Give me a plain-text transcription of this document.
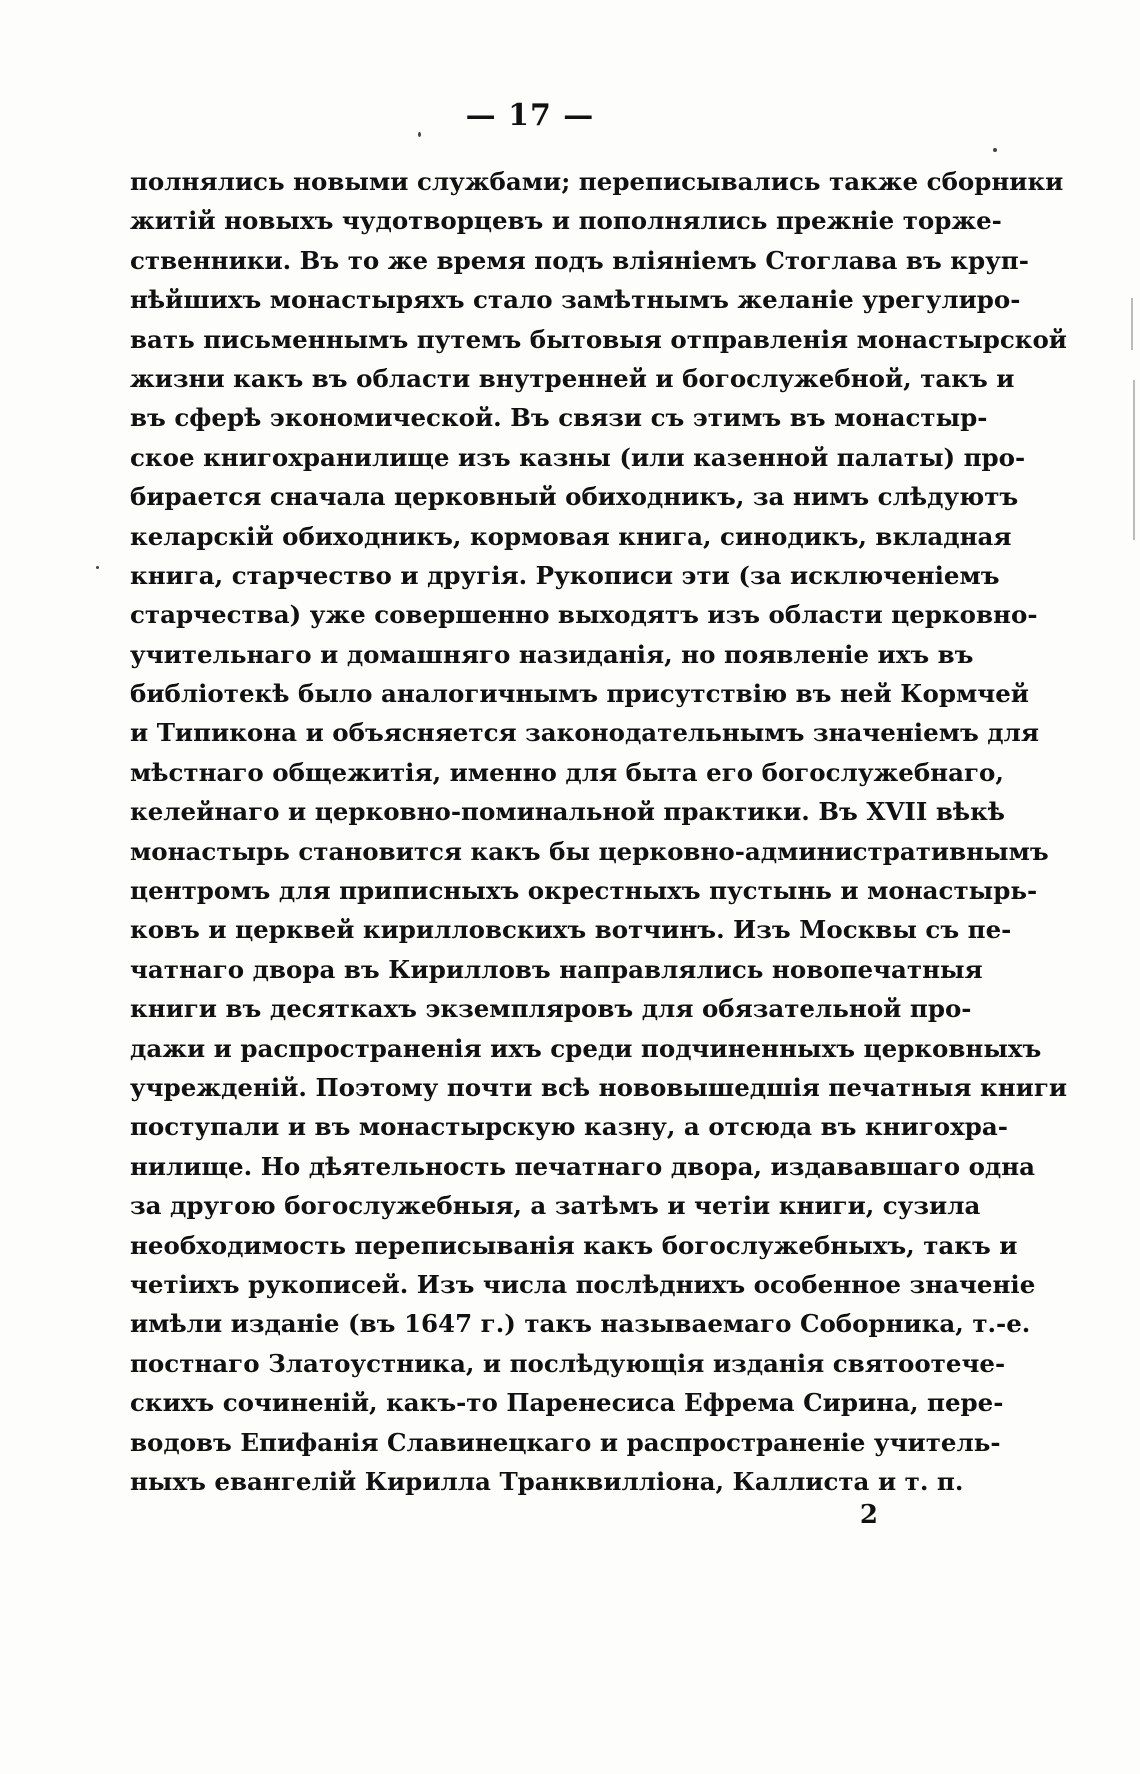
— 17 —
полнялись новыми службами; переписывались также сборники
житій новыхъ чудотворцевъ и пополнялись прежніе торже-
ственники. Въ то же время подъ вліяніемъ Стоглава въ круп-
нѣйшихъ монастыряхъ стало замѣтнымъ желаніе урегулиро-
вать письменнымъ путемъ бытовыя отправленія монастырской
жизни какъ въ области внутренней и богослужебной, такъ и
въ сферѣ экономической. Въ связи съ этимъ въ монастыр-
ское книгохранилище изъ казны (или казенной палаты) про-
бирается сначала церковный обиходникъ, за нимъ слѣдуютъ
келарскій обиходникъ, кормовая книга, синодикъ, вкладная
книга, старчество и другія. Рукописи эти (за исключеніемъ
старчества) уже совершенно выходятъ изъ области церковно-
учительнаго и домашняго назиданія, но появленіе ихъ въ
библіотекѣ было аналогичнымъ присутствію въ ней Кормчей
и Типикона и объясняется законодательнымъ значеніемъ для
мѣстнаго общежитія, именно для быта его богослужебнаго,
келейнаго и церковно-поминальной практики. Въ XVII вѣкѣ
монастырь становится какъ бы церковно-административнымъ
центромъ для приписныхъ окрестныхъ пустынь и монастырь-
ковъ и церквей кирилловскихъ вотчинъ. Изъ Москвы съ пе-
чатнаго двора въ Кирилловъ направлялись новопечатныя
книги въ десяткахъ экземпляровъ для обязательной про-
дажи и распространенія ихъ среди подчиненныхъ церковныхъ
учрежденій. Поэтому почти всѣ нововышедшія печатныя книги
поступали и въ монастырскую казну, а отсюда въ книгохра-
нилище. Но дѣятельность печатнаго двора, издававшаго одна
за другою богослужебныя, а затѣмъ и четіи книги, сузила
необходимость переписыванія какъ богослужебныхъ, такъ и
четіихъ рукописей. Изъ числа послѣднихъ особенное значеніе
имѣли изданіе (въ 1647 г.) такъ называемаго Соборника, т.-е.
постнаго Златоустника, и послѣдующія изданія святоотече-
скихъ сочиненій, какъ-то Паренесиса Ефрема Сирина, пере-
водовъ Епифанія Славинецкаго и распространеніе учитель-
ныхъ евангелій Кирилла Транквилліона, Каллиста и т. п.
2
